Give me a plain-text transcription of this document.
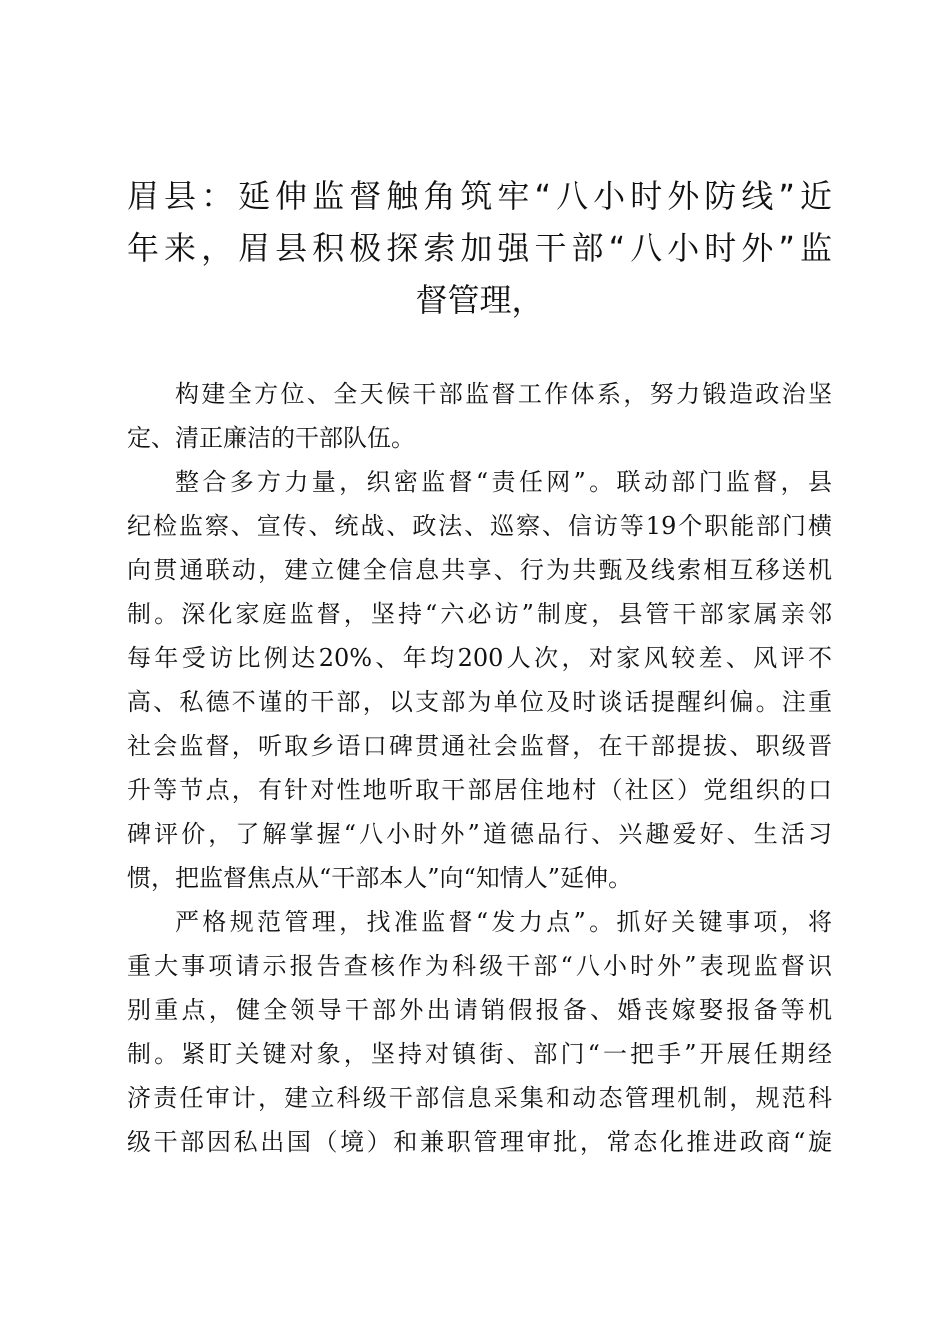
眉县：延伸监督触角筑牢“八小时外防线”近
年来，眉县积极探索加强干部“八小时外”监
督管理，
构建全方位、全天候干部监督工作体系，努力锻造政治坚
定、清正廉洁的干部队伍。
整合多方力量，织密监督“责任网”。联动部门监督，县
纪检监察、宣传、统战、政法、巡察、信访等19个职能部门横
向贯通联动，建立健全信息共享、行为共甄及线索相互移送机
制。深化家庭监督，坚持“六必访”制度，县管干部家属亲邻
每年受访比例达20%、年均200人次，对家风较差、风评不
高、私德不谨的干部，以支部为单位及时谈话提醒纠偏。注重
社会监督，听取乡语口碑贯通社会监督，在干部提拔、职级晋
升等节点，有针对性地听取干部居住地村（社区）党组织的口
碑评价，了解掌握“八小时外”道德品行、兴趣爱好、生活习
惯，把监督焦点从“干部本人”向“知情人”延伸。
严格规范管理，找准监督“发力点”。抓好关键事项，将
重大事项请示报告查核作为科级干部“八小时外”表现监督识
别重点，健全领导干部外出请销假报备、婚丧嫁娶报备等机
制。紧盯关键对象，坚持对镇街、部门“一把手”开展任期经
济责任审计，建立科级干部信息采集和动态管理机制，规范科
级干部因私出国（境）和兼职管理审批，常态化推进政商“旋
